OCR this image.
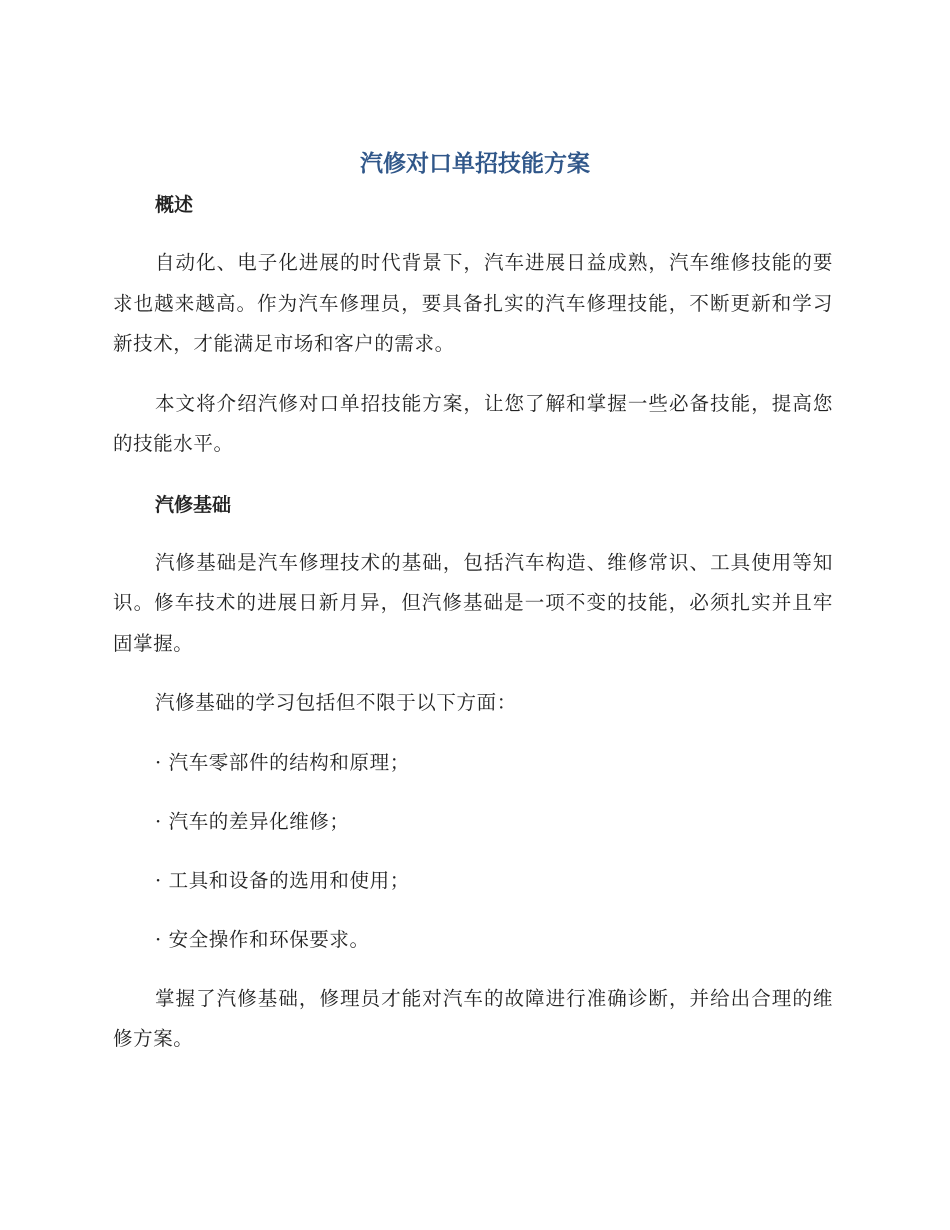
汽修对口单招技能方案
概述

自动化、电子化进展的时代背景下，汽车进展日益成熟，汽车维修技能的要求也越来越高。作为汽车修理员，要具备扎实的汽车修理技能，不断更新和学习新技术，才能满足市场和客户的需求。

本文将介绍汽修对口单招技能方案，让您了解和掌握一些必备技能，提高您的技能水平。

汽修基础

汽修基础是汽车修理技术的基础，包括汽车构造、维修常识、工具使用等知识。修车技术的进展日新月异，但汽修基础是一项不变的技能，必须扎实并且牢固掌握。

汽修基础的学习包括但不限于以下方面：

· 汽车零部件的结构和原理；

· 汽车的差异化维修；

· 工具和设备的选用和使用；

· 安全操作和环保要求。

掌握了汽修基础，修理员才能对汽车的故障进行准确诊断，并给出合理的维修方案。
